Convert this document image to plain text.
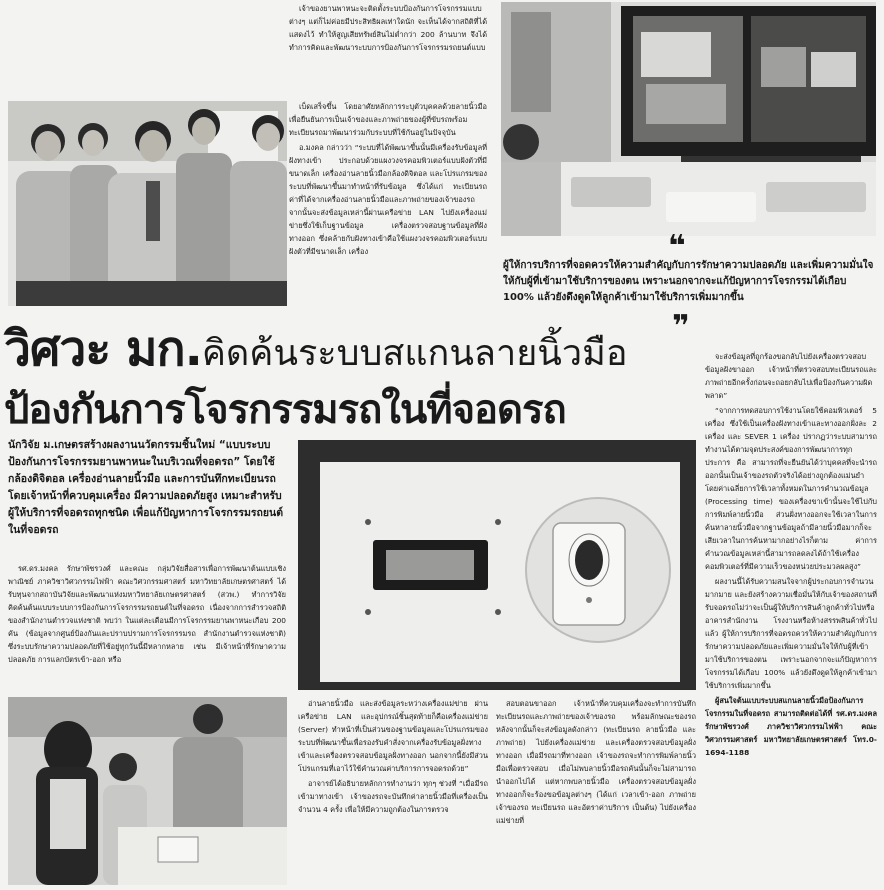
เจ้าของยานพาหนะจะติดตั้งระบบป้องกันการโจรกรรมแบบต่างๆ แต่ก็ไม่ค่อยมีประสิทธิผลเท่าใดนัก จะเห็นได้จากสถิติที่ได้แสดงไว้ ทำให้สูญเสียทรัพย์สินไม่ต่ำกว่า 200 ล้านบาท จึงได้ทำการคิดและพัฒนาระบบการป้องกันการโจรกรรมรถยนต์แบบ

เบ็ดเสร็จขึ้น โดยอาศัยหลักการระบุตัวบุคคลด้วยลายนิ้วมือ เพื่อยืนยันการเป็นเจ้าของและภาพถ่ายของผู้ที่ขับรถพร้อมทะเบียนรถมาพัฒนาร่วมกับระบบที่ใช้กันอยู่ในปัจจุบัน

อ.มงคล กล่าวว่า “ระบบที่ได้พัฒนาขึ้นนั้นมีเครื่องรับข้อมูลที่ฝังทางเข้า ประกอบด้วยแผงวงจรคอมพิวเตอร์แบบฝังตัวที่มีขนาดเล็ก เครื่องอ่านลายนิ้วมือกล้องดิจิตอล และโปรแกรมของระบบที่พัฒนาขึ้นมาทำหน้าที่รับข้อมูล ซึ่งได้แก่ ทะเบียนรถ ค่าที่ได้จากเครื่องอ่านลายนิ้วมือและภาพถ่ายของเจ้าของรถจากนั้นจะส่งข้อมูลเหล่านี้ผ่านเครือข่าย LAN ไปยังเครื่องแม่ข่ายซึ่งใช้เก็บฐานข้อมูล เครื่องตรวจสอบฐานข้อมูลที่ฝังทางออก ซึ่งคล้ายกับฝังทางเข้าคือใช้แผงวงจรคอมพิวเตอร์แบบฝังตัวที่มีขนาดเล็ก เครื่อง	❝
ผู้ให้การบริการที่จอดควรให้ความสำคัญกับการรักษาความปลอดภัย และเพิ่มความมั่นใจให้กับผู้ที่เข้ามาใช้บริการของตน เพราะนอกจากจะแก้ปัญหาการโจรกรรมได้เกือบ 100% แล้วยังดึงดูดให้ลูกค้าเข้ามาใช้บริการเพิ่มมากขึ้น
❞
วิศวะ มก.คิดค้นระบบสแกนลายนิ้วมือ
ป้องกันการโจรกรรมรถในที่จอดรถ

จะส่งข้อมูลที่ถูกร้องขอกลับไปยังเครื่องตรวจสอบข้อมูลฝังขาออก เจ้าหน้าที่ตรวจสอบทะเบียนรถและภาพถ่ายอีกครั้งก่อนจะถอยกลับไปเพื่อป้องกันความผิดพลาด”

“จากการทดสอบการใช้งานโดยใช้คอมพิวเตอร์ 5 เครื่อง ซึ่งใช้เป็นเครื่องฝังทางเข้าและทางออกฝั่งละ 2 เครื่อง และ SEVER 1 เครื่อง ปรากฏว่าระบบสามารถทำงานได้ตามจุดประสงค์ของการพัฒนาการทุกประการ คือ สามารถที่จะยืนยันได้ว่าบุคคลที่จะนำรถออกนั้นเป็นเจ้าของรถตัวจริงได้อย่างถูกต้องแม่นยำ โดยค่าเฉลี่ยการใช้เวลาทั้งหมดในการคำนวณข้อมูล (Processing time) ของเครื่องขาเข้านั้นจะใช้ไปกับการพิมพ์ลายนิ้วมือ ส่วนฝั่งทางออกจะใช้เวลาในการค้นหาลายนิ้วมือจากฐานข้อมูลถ้ามีลายนิ้วมือมากก็จะเสียเวลาในการค้นหามากอย่างไรก็ตาม ค่าการคำนวณข้อมูลเหล่านี้สามารถลดลงได้ถ้าใช้เครื่องคอมพิวเตอร์ที่มีความเร็วของหน่วยประมวลผลสูง”

ผลงานนี้ได้รับความสนใจจากผู้ประกอบการจำนวนมากมาย และยังสร้างความเชื่อมั่นให้กับเจ้าของสถานที่รับจอดรถไม่ว่าจะเป็นผู้ให้บริการสินค้าลูกค้าทั่วไปหรืออาคารสำนักงาน โรงงานหรือห้างสรรพสินค้าทั่วไปแล้ว ผู้ให้การบริการที่จอดรถควรให้ความสำคัญกับการรักษาความปลอดภัยและเพิ่มความมั่นใจให้กับผู้ที่เข้ามาใช้บริการของตน เพราะนอกจากจะแก้ปัญหาการโจรกรรมได้เกือบ 100% แล้วยังดึงดูดให้ลูกค้าเข้ามาใช้บริการเพิ่มมากขึ้น

ผู้สนใจต้นแบบระบบสแกนลายนิ้วมือป้องกันการโจรกรรมในที่จอดรถ สามารถติดต่อได้ที่ รศ.ดร.มงคล รักษาพัชรวงศ์ ภาควิชาวิศวกรรมไฟฟ้า คณะวิศวกรรมศาสตร์ มหาวิทยาลัยเกษตรศาสตร์ โทร.0-1694-1188

นักวิจัย ม.เกษตรสร้างผลงานนวัตกรรมชิ้นใหม่ “แบบระบบป้องกันการโจรกรรมยานพาหนะในบริเวณที่จอดรถ” โดยใช้กล้องดิจิตอล เครื่องอ่านลายนิ้วมือ และการบันทึกทะเบียนรถโดยเจ้าหน้าที่ควบคุมเครื่อง มีความปลอดภัยสูง เหมาะสำหรับผู้ให้บริการที่จอดรถทุกชนิด เพื่อแก้ปัญหาการโจรกรรมรถยนต์ในที่จอดรถ

รศ.ดร.มงคล รักษาพัชรวงศ์ และคณะ กลุ่มวิจัยสื่อสารเพื่อการพัฒนาต้นแบบเชิงพาณิชย์ ภาควิชาวิศวกรรมไฟฟ้า คณะวิศวกรรมศาสตร์ มหาวิทยาลัยเกษตรศาสตร์ ได้รับทุนจากสถาบันวิจัยและพัฒนาแห่งมหาวิทยาลัยเกษตรศาสตร์ (สวพ.) ทำการวิจัยคิดค้นต้นแบบระบบการป้องกันการโจรกรรมรถยนต์ในที่จอดรถ เนื่องจากการสำรวจสถิติของสำนักงานตำรวจแห่งชาติ พบว่า ในแต่ละเดือนมีการโจรกรรมยานพาหนะเกือบ 200 คัน (ข้อมูลจากศูนย์ป้องกันและปราบปรามการโจรกรรมรถ สำนักงานตำรวจแห่งชาติ) ซึ่งระบบรักษาความปลอดภัยที่ใช้อยู่ทุกวันนี้มีหลากหลาย เช่น มีเจ้าหน้าที่รักษาความปลอดภัย การแลกบัตรเข้า-ออก หรือ

อ่านลายนิ้วมือ และส่งข้อมูลระหว่างเครื่องแม่ข่าย ผ่านเครือข่าย LAN และอุปกรณ์ชิ้นสุดท้ายก็คือเครื่องแม่ข่าย (Server) ทำหน้าที่เป็นส่วนของฐานข้อมูลและโปรแกรมของระบบที่พัฒนาขึ้นเพื่อรองรับคำสั่งจากเครื่องรับข้อมูลฝั่งทางเข้าและเครื่องตรวจสอบข้อมูลฝั่งทางออก นอกจากนี้ยังมีส่วนโปรแกรมที่เอาไว้ใช้คำนวณค่าบริการการจอดรถด้วย”

อาจารย์ได้อธิบายหลักการทำงานว่า ทุกๆ ช่วงที่ “เมื่อมีรถเข้ามาทางเข้า เจ้าของรถจะบันทึกค่าลายนิ้วมือที่เครื่องเป็นจำนวน 4 ครั้ง เพื่อให้มีความถูกต้องในการตรวจ

สอบตอนขาออก เจ้าหน้าที่ควบคุมเครื่องจะทำการบันทึกทะเบียนรถและภาพถ่ายของเจ้าของรถ พร้อมลักษณะของรถ หลังจากนั้นก็จะส่งข้อมูลดังกล่าว (ทะเบียนรถ ลายนิ้วมือ และภาพถ่าย) ไปยังเครื่องแม่ข่าย และเครื่องตรวจสอบข้อมูลฝั่งทางออก เมื่อมีรถมาที่ทางออก เจ้าของรถจะทำการพิมพ์ลายนิ้วมือเพื่อตรวจสอบ เมื่อไม่พบลายนิ้วมือรถคันนั้นก็จะไม่สามารถนำออกไปได้ แต่หากพบลายนิ้วมือ เครื่องตรวจสอบข้อมูลฝั่งทางออกก็จะร้องขอข้อมูลต่างๆ (ได้แก่ เวลาเข้า-ออก ภาพถ่ายเจ้าของรถ ทะเบียนรถ และอัตราค่าบริการ เป็นต้น) ไปยังเครื่องแม่ข่ายที่
